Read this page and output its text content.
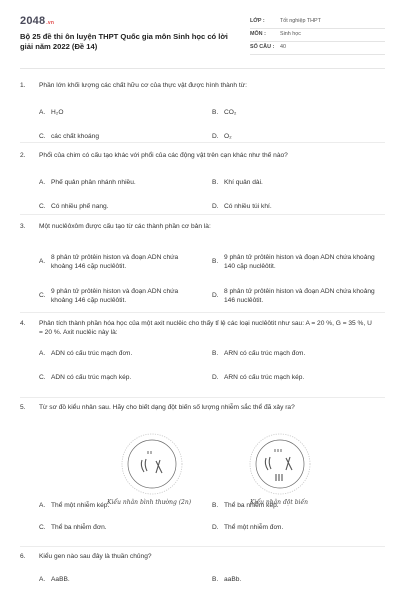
2048.vn
Bộ 25 đề thi ôn luyện THPT Quốc gia môn Sinh học có lời giải năm 2022 (Đề 14)
LỚP :	Tốt nghiệp THPT
MÔN :	Sinh học
SỐ CÂU :	40
1.	Phần lớn khối lượng các chất hữu cơ của thực vật được hình thành từ:
A. H₂O	B. CO₂
C. các chất khoáng	D. O₂
2.	Phổi của chim có cấu tạo khác với phổi của các động vật trên cạn khác như thế nào?
A. Phế quản phân nhánh nhiều.	B. Khí quản dài.
C. Có nhiều phế nang.	D. Có nhiều túi khí.
3.	Một nuclêôxôm được cấu tạo từ các thành phần cơ bản là:
A.
8 phân tử prôtêin histon và đoạn ADN chứa khoảng 146 cặp nuclêôtit.
B.
9 phân tử prôtêin histon và đoạn ADN chứa khoảng 140 cặp nuclêôtit.
C.
9 phân tử prôtêin histon và đoạn ADN chứa khoảng 146 cặp nuclêôtit.
D.
8 phân tử prôtêin histon và đoạn ADN chứa khoảng 146 nuclêôtit.
4.	Phân tích thành phần hóa học của một axit nuclêic cho thấy tỉ lệ các loại nuclêôtit như sau: A = 20 %, G = 35 %, U = 20 %. Axit nuclêic này là:
A. ADN có cấu trúc mạch đơn.	B. ARN có cấu trúc mạch đơn.
C. ADN có cấu trúc mạch kép.	D. ARN có cấu trúc mạch kép.
5.	Từ sơ đồ kiểu nhân sau. Hãy cho biết dạng đột biến số lượng nhiễm sắc thể đã xảy ra?
Kiểu nhân bình thường (2n)	Kiểu nhân đột biến
A. Thể một nhiễm kép.	B. Thể ba nhiễm kép.
C. Thể ba nhiễm đơn.	D. Thể một nhiễm đơn.
6.	Kiểu gen nào sau đây là thuần chủng?
A. AaBB.	B. aaBb.
